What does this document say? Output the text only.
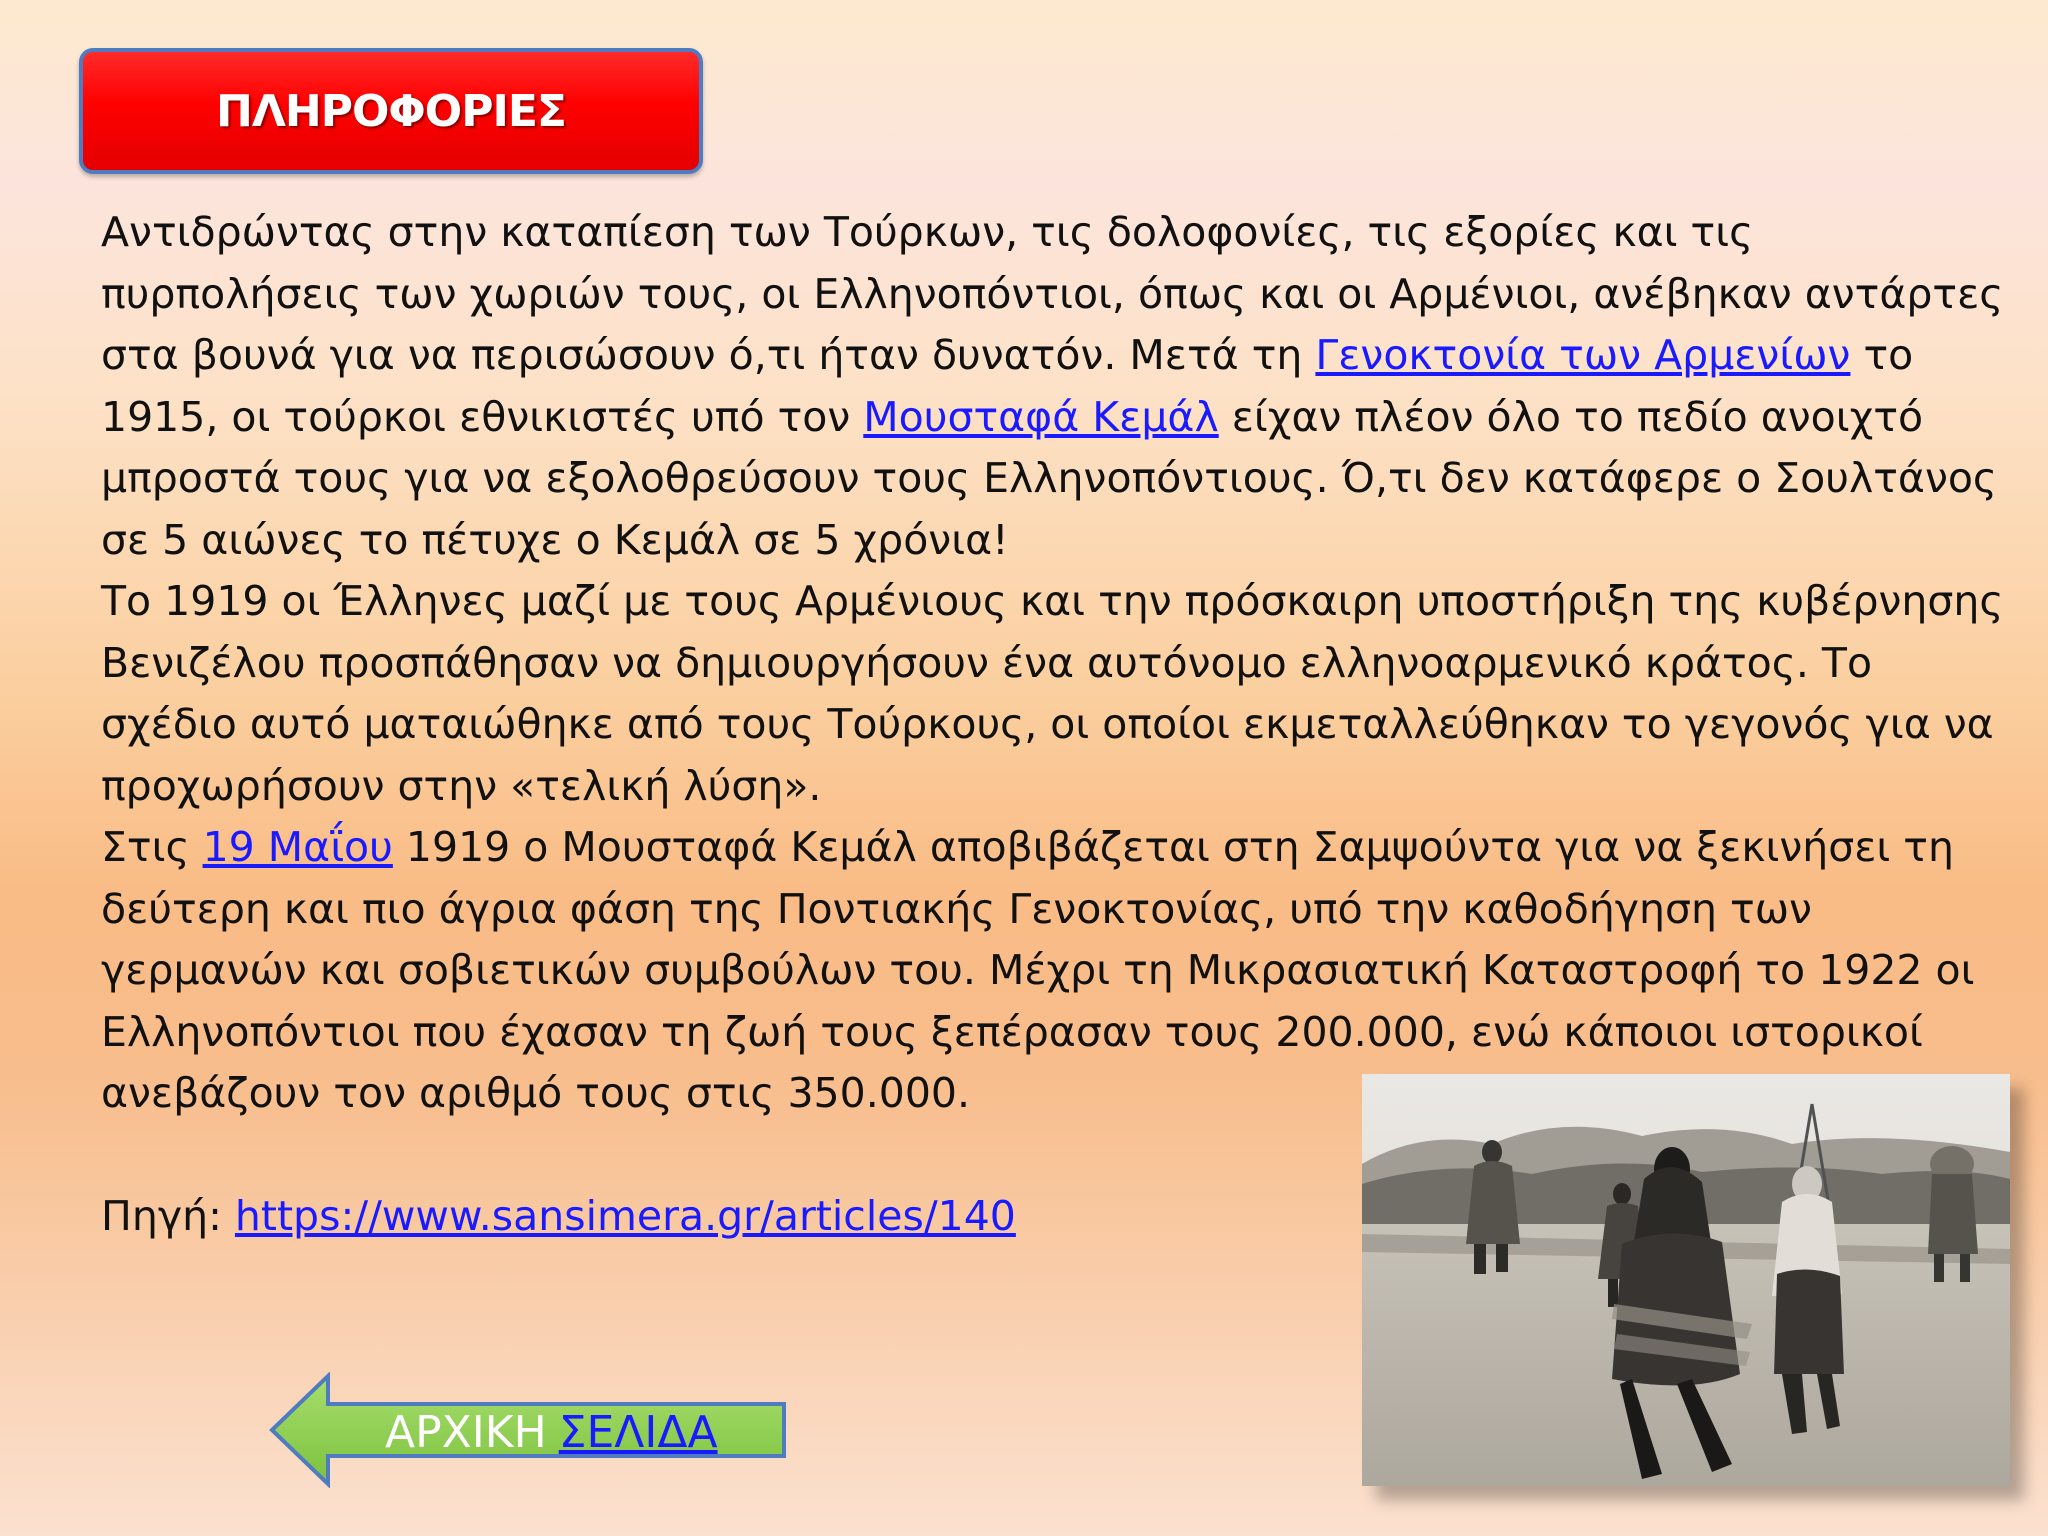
ΠΛΗΡΟΦΟΡΙΕΣ

Αντιδρώντας στην καταπίεση των Τούρκων, τις δολοφονίες, τις εξορίες και τις πυρπολήσεις των χωριών τους, οι Ελληνοπόντιοι, όπως και οι Αρμένιοι, ανέβηκαν αντάρτες στα βουνά για να περισώσουν ό,τι ήταν δυνατόν. Μετά τη Γενοκτονία των Αρμενίων το 1915, οι τούρκοι εθνικιστές υπό τον Μουσταφά Κεμάλ είχαν πλέον όλο το πεδίο ανοιχτό μπροστά τους για να εξολοθρεύσουν τους Ελληνοπόντιους. Ό,τι δεν κατάφερε ο Σουλτάνος σε 5 αιώνες το πέτυχε ο Κεμάλ σε 5 χρόνια!

Το 1919 οι Έλληνες μαζί με τους Αρμένιους και την πρόσκαιρη υποστήριξη της κυβέρνησης Βενιζέλου προσπάθησαν να δημιουργήσουν ένα αυτόνομο ελληνοαρμενικό κράτος. Το σχέδιο αυτό ματαιώθηκε από τους Τούρκους, οι οποίοι εκμεταλλεύθηκαν το γεγονός για να προχωρήσουν στην «τελική λύση».

Στις 19 Μαΐου 1919 ο Μουσταφά Κεμάλ αποβιβάζεται στη Σαμψούντα για να ξεκινήσει τη δεύτερη και πιο άγρια φάση της Ποντιακής Γενοκτονίας, υπό την καθοδήγηση των γερμανών και σοβιετικών συμβούλων του. Μέχρι τη Μικρασιατική Καταστροφή το 1922 οι Ελληνοπόντιοι που έχασαν τη ζωή τους ξεπέρασαν τους 200.000, ενώ κάποιοι ιστορικοί ανεβάζουν τον αριθμό τους στις 350.000.

Πηγή: https://www.sansimera.gr/articles/140

ΑΡΧΙΚΗ ΣΕΛΙΔΑ
